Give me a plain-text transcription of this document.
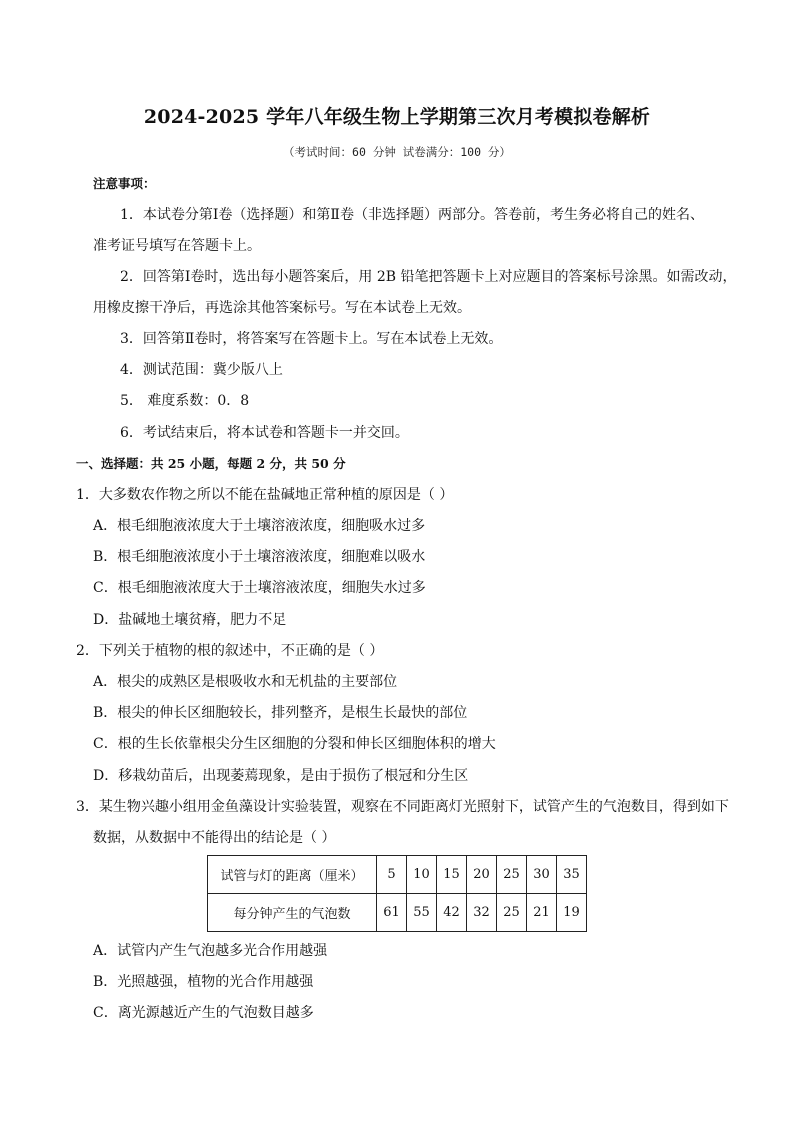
2024-2025 学年八年级生物上学期第三次月考模拟卷解析
（考试时间：60 分钟 试卷满分：100 分）
注意事项：
1．本试卷分第Ⅰ卷（选择题）和第Ⅱ卷（非选择题）两部分。答卷前，考生务必将自己的姓名、
准考证号填写在答题卡上。
2．回答第Ⅰ卷时，选出每小题答案后，用 2B 铅笔把答题卡上对应题目的答案标号涂黑。如需改动，
用橡皮擦干净后，再选涂其他答案标号。写在本试卷上无效。
3．回答第Ⅱ卷时，将答案写在答题卡上。写在本试卷上无效。
4．测试范围：冀少版八上
5． 难度系数：0．8
6．考试结束后，将本试卷和答题卡一并交回。
一、选择题：共 25 小题，每题 2 分，共 50 分
1．大多数农作物之所以不能在盐碱地正常种植的原因是（ ）
A．根毛细胞液浓度大于土壤溶液浓度，细胞吸水过多
B．根毛细胞液浓度小于土壤溶液浓度，细胞难以吸水
C．根毛细胞液浓度大于土壤溶液浓度，细胞失水过多
D．盐碱地土壤贫瘠，肥力不足
2．下列关于植物的根的叙述中，不正确的是（ ）
A．根尖的成熟区是根吸收水和无机盐的主要部位
B．根尖的伸长区细胞较长，排列整齐，是根生长最快的部位
C．根的生长依靠根尖分生区细胞的分裂和伸长区细胞体积的增大
D．移栽幼苗后，出现萎蔫现象，是由于损伤了根冠和分生区
3．某生物兴趣小组用金鱼藻设计实验装置，观察在不同距离灯光照射下，试管产生的气泡数目，得到如下
数据，从数据中不能得出的结论是（ ）
试管与灯的距离（厘米）	5	10	15	20	25	30	35
每分钟产生的气泡数	61	55	42	32	25	21	19
A．试管内产生气泡越多光合作用越强
B．光照越强，植物的光合作用越强
C．离光源越近产生的气泡数目越多
